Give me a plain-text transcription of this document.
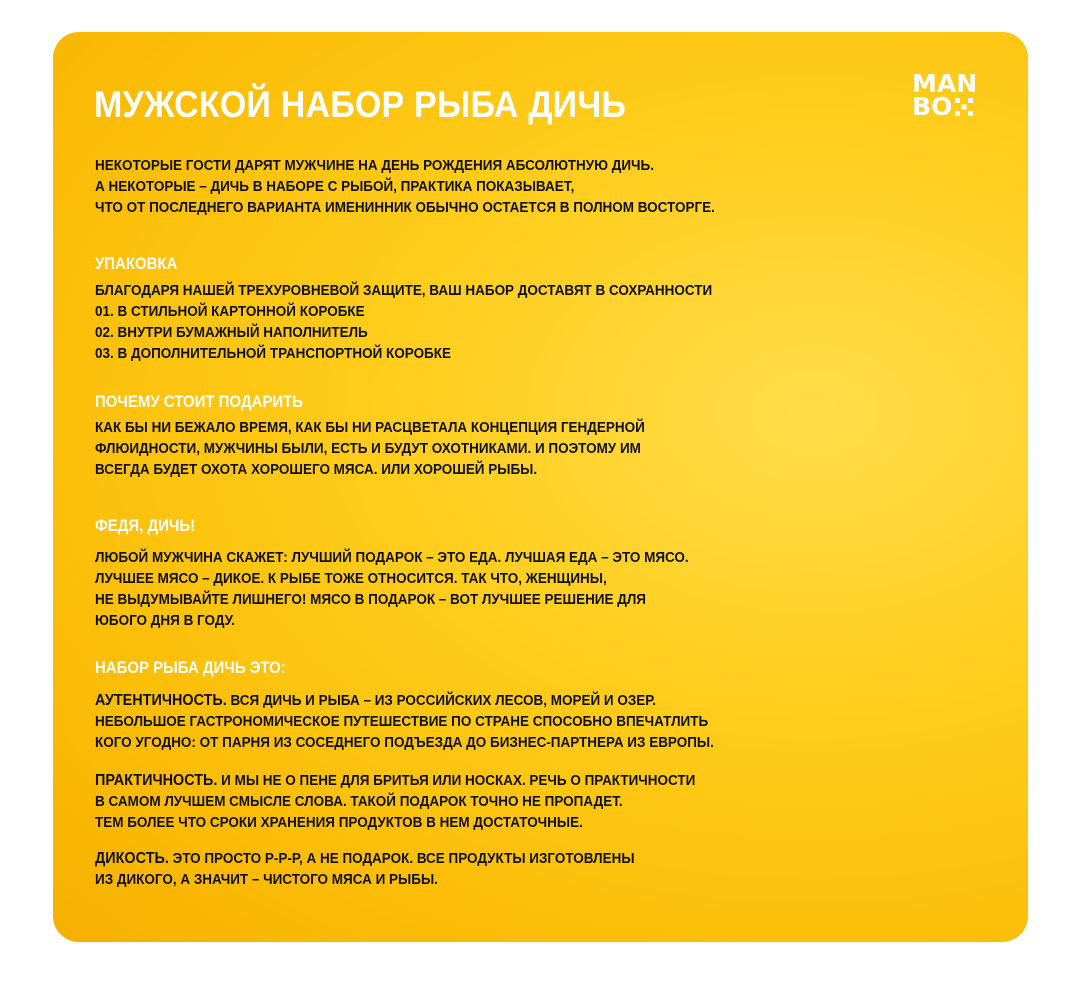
МУЖСКОЙ НАБОР РЫБА ДИЧЬ
MAN
BO
НЕКОТОРЫЕ ГОСТИ ДАРЯТ МУЖЧИНЕ НА ДЕНЬ РОЖДЕНИЯ АБСОЛЮТНУЮ ДИЧЬ.
А НЕКОТОРЫЕ – ДИЧЬ В НАБОРЕ С РЫБОЙ, ПРАКТИКА ПОКАЗЫВАЕТ,
ЧТО ОТ ПОСЛЕДНЕГО ВАРИАНТА ИМЕНИННИК ОБЫЧНО ОСТАЕТСЯ В ПОЛНОМ ВОСТОРГЕ.
УПАКОВКА
БЛАГОДАРЯ НАШЕЙ ТРЕХУРОВНЕВОЙ ЗАЩИТЕ, ВАШ НАБОР ДОСТАВЯТ В СОХРАННОСТИ
01. В СТИЛЬНОЙ КАРТОННОЙ КОРОБКЕ
02. ВНУТРИ БУМАЖНЫЙ НАПОЛНИТЕЛЬ
03. В ДОПОЛНИТЕЛЬНОЙ ТРАНСПОРТНОЙ КОРОБКЕ
ПОЧЕМУ СТОИТ ПОДАРИТЬ
КАК БЫ НИ БЕЖАЛО ВРЕМЯ, КАК БЫ НИ РАСЦВЕТАЛА КОНЦЕПЦИЯ ГЕНДЕРНОЙ
ФЛЮИДНОСТИ, МУЖЧИНЫ БЫЛИ, ЕСТЬ И БУДУТ ОХОТНИКАМИ. И ПОЭТОМУ ИМ
ВСЕГДА БУДЕТ ОХОТА ХОРОШЕГО МЯСА. ИЛИ ХОРОШЕЙ РЫБЫ.
ФЕДЯ, ДИЧЬ!
ЛЮБОЙ МУЖЧИНА СКАЖЕТ: ЛУЧШИЙ ПОДАРОК – ЭТО ЕДА. ЛУЧШАЯ ЕДА – ЭТО МЯСО.
ЛУЧШЕЕ МЯСО – ДИКОЕ. К РЫБЕ ТОЖЕ ОТНОСИТСЯ. ТАК ЧТО, ЖЕНЩИНЫ,
НЕ ВЫДУМЫВАЙТЕ ЛИШНЕГО! МЯСО В ПОДАРОК – ВОТ ЛУЧШЕЕ РЕШЕНИЕ ДЛЯ
ЮБОГО ДНЯ В ГОДУ.
НАБОР РЫБА ДИЧЬ ЭТО:
АУТЕНТИЧНОСТЬ. ВСЯ ДИЧЬ И РЫБА – ИЗ РОССИЙСКИХ ЛЕСОВ, МОРЕЙ И ОЗЕР.
НЕБОЛЬШОЕ ГАСТРОНОМИЧЕСКОЕ ПУТЕШЕСТВИЕ ПО СТРАНЕ СПОСОБНО ВПЕЧАТЛИТЬ
КОГО УГОДНО: ОТ ПАРНЯ ИЗ СОСЕДНЕГО ПОДЪЕЗДА ДО БИЗНЕС-ПАРТНЕРА ИЗ ЕВРОПЫ.
ПРАКТИЧНОСТЬ. И МЫ НЕ О ПЕНЕ ДЛЯ БРИТЬЯ ИЛИ НОСКАХ. РЕЧЬ О ПРАКТИЧНОСТИ
В САМОМ ЛУЧШЕМ СМЫСЛЕ СЛОВА. ТАКОЙ ПОДАРОК ТОЧНО НЕ ПРОПАДЕТ.
ТЕМ БОЛЕЕ ЧТО СРОКИ ХРАНЕНИЯ ПРОДУКТОВ В НЕМ ДОСТАТОЧНЫЕ.
ДИКОСТЬ. ЭТО ПРОСТО Р-Р-Р, А НЕ ПОДАРОК. ВСЕ ПРОДУКТЫ ИЗГОТОВЛЕНЫ
ИЗ ДИКОГО, А ЗНАЧИТ – ЧИСТОГО МЯСА И РЫБЫ.
